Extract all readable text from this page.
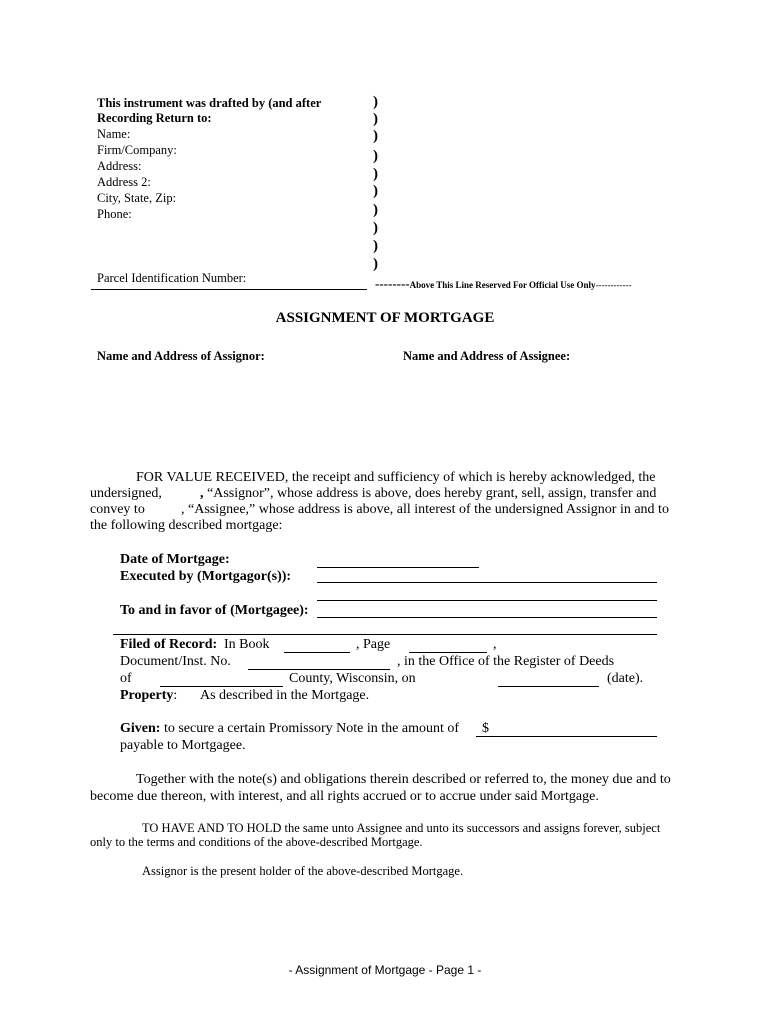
This instrument was drafted by (and after
Recording Return to:
Name:
Firm/Company:
Address:
Address 2:
City, State, Zip:
Phone:
Parcel Identification Number:
)
)
)
)
)
)
)
)
)
)
--------Above This Line Reserved For Official Use Only------------
ASSIGNMENT OF MORTGAGE
Name and Address of Assignor:	Name and Address of Assignee:
FOR VALUE RECEIVED, the receipt and sufficiency of which is hereby acknowledged, the
undersigned,	, “Assignor”, whose address is above, does hereby grant, sell, assign, transfer and
convey to	, “Assignee,” whose address is above, all interest of the undersigned Assignor in and to
the following described mortgage:
Date of Mortgage:
Executed by (Mortgagor(s)):
To and in favor of (Mortgagee):
Filed of Record: In Book	, Page	,
Document/Inst. No.	, in the Office of the Register of Deeds
of	County, Wisconsin, on	(date).
Property: As described in the Mortgage.
Given: to secure a certain Promissory Note in the amount of $
payable to Mortgagee.
Together with the note(s) and obligations therein described or referred to, the money due and to
become due thereon, with interest, and all rights accrued or to accrue under said Mortgage.
TO HAVE AND TO HOLD the same unto Assignee and unto its successors and assigns forever, subject
only to the terms and conditions of the above-described Mortgage.
Assignor is the present holder of the above-described Mortgage.
- Assignment of Mortgage - Page 1 -
